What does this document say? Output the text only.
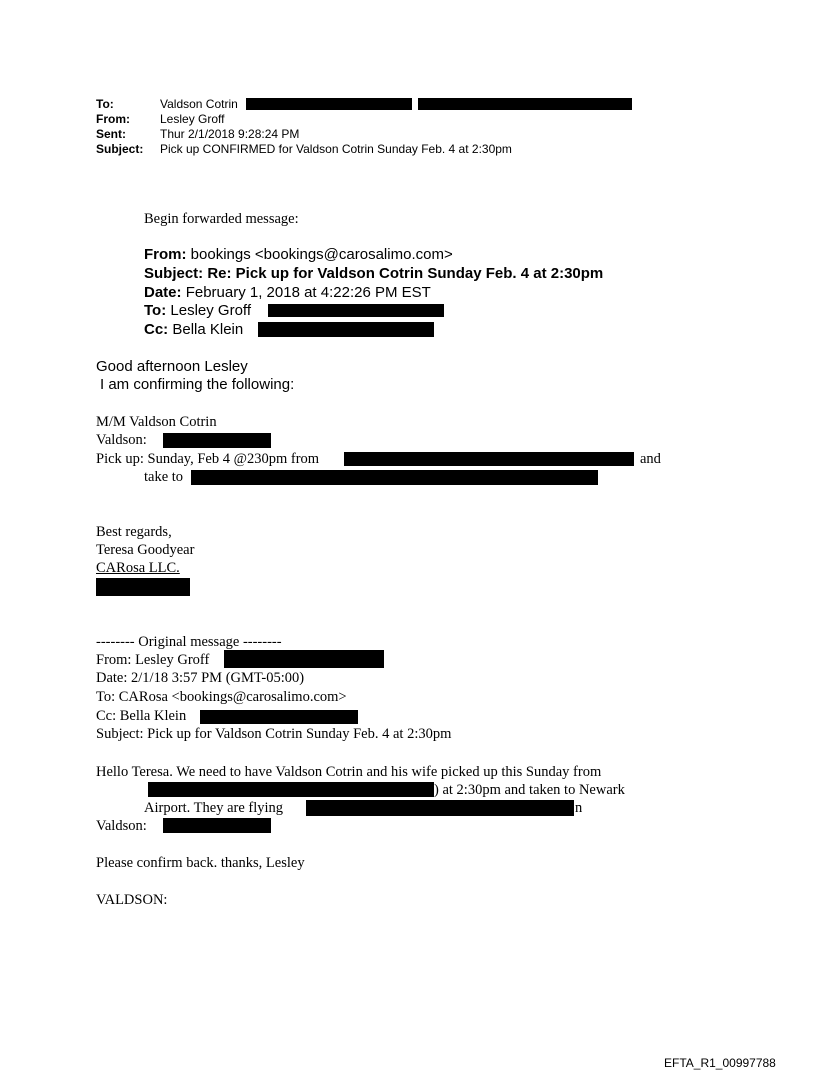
To:	Valdson Cotrin
From:	Lesley Groff
Sent:	Thur 2/1/2018 9:28:24 PM
Subject: Pick up CONFIRMED for Valdson Cotrin Sunday Feb. 4 at 2:30pm
Begin forwarded message:
From: bookings <bookings@carosalimo.com>
Subject: Re: Pick up for Valdson Cotrin Sunday Feb. 4 at 2:30pm
Date: February 1, 2018 at 4:22:26 PM EST
To: Lesley Groff
Cc: Bella Klein
Good afternoon Lesley
I am confirming the following:
M/M Valdson Cotrin
Valdson:
Pick up: Sunday, Feb 4 @230pm from	and
take to
Best regards,
Teresa Goodyear
CARosa LLC.
-------- Original message --------
From: Lesley Groff
Date: 2/1/18 3:57 PM (GMT-05:00)
To: CARosa <bookings@carosalimo.com>
Cc: Bella Klein
Subject: Pick up for Valdson Cotrin Sunday Feb. 4 at 2:30pm
Hello Teresa. We need to have Valdson Cotrin and his wife picked up this Sunday from
) at 2:30pm and taken to Newark
Airport. They are flying	n
Valdson:
Please confirm back. thanks, Lesley
VALDSON:
EFTA_R1_00997788
